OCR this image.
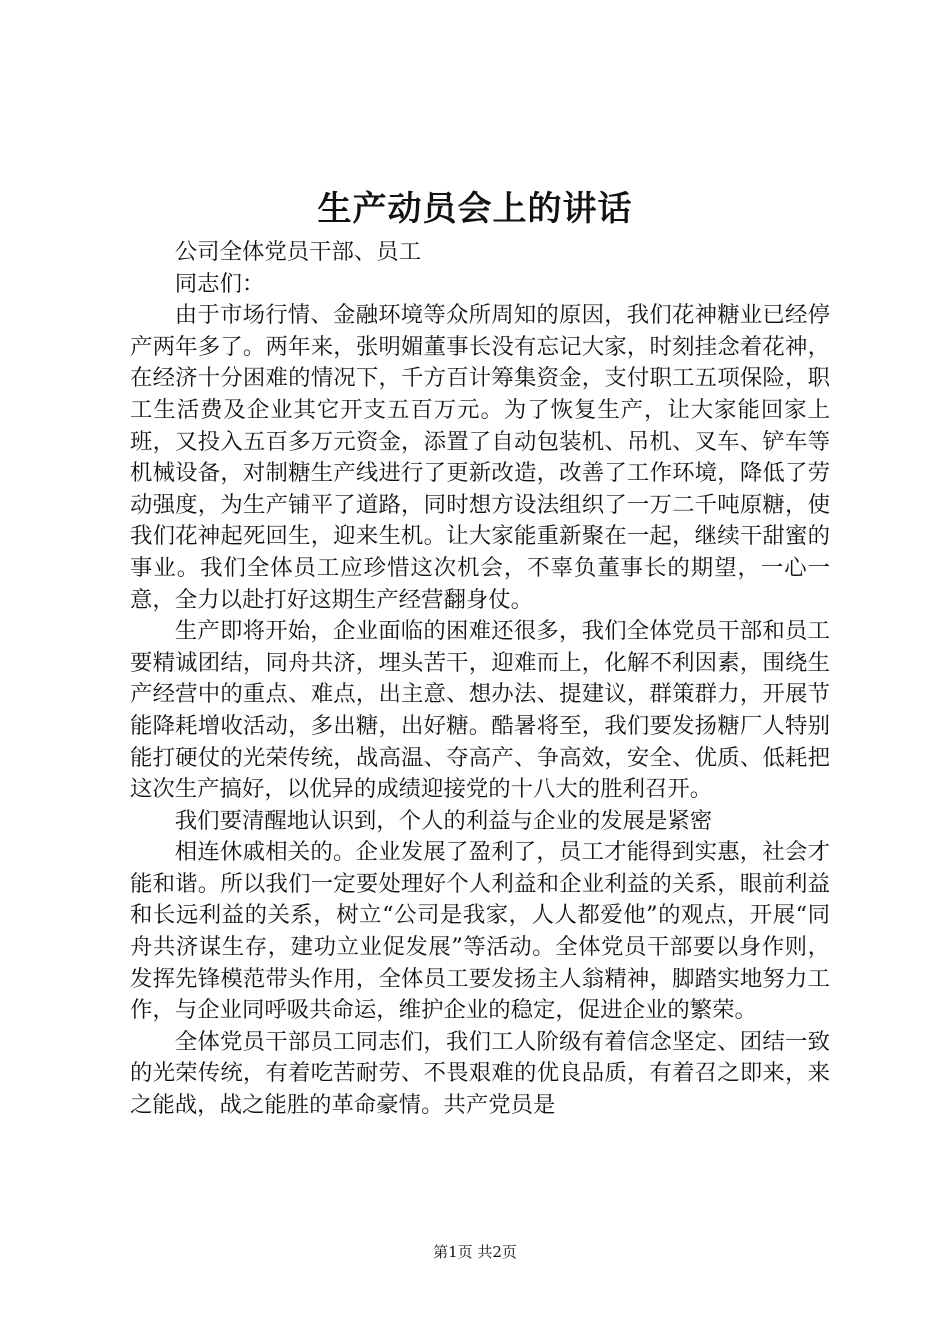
生产动员会上的讲话

公司全体党员干部、员工

同志们：

由于市场行情、金融环境等众所周知的原因，我们花神糖业已经停产两年多了。两年来，张明媚董事长没有忘记大家，时刻挂念着花神，在经济十分困难的情况下，千方百计筹集资金，支付职工五项保险，职工生活费及企业其它开支五百万元。为了恢复生产，让大家能回家上班，又投入五百多万元资金，添置了自动包装机、吊机、叉车、铲车等机械设备，对制糖生产线进行了更新改造，改善了工作环境，降低了劳动强度，为生产铺平了道路，同时想方设法组织了一万二千吨原糖，使我们花神起死回生，迎来生机。让大家能重新聚在一起，继续干甜蜜的事业。我们全体员工应珍惜这次机会，不辜负董事长的期望，一心一意，全力以赴打好这期生产经营翻身仗。

生产即将开始，企业面临的困难还很多，我们全体党员干部和员工要精诚团结，同舟共济，埋头苦干，迎难而上，化解不利因素，围绕生产经营中的重点、难点，出主意、想办法、提建议，群策群力，开展节能降耗增收活动，多出糖，出好糖。酷暑将至，我们要发扬糖厂人特别能打硬仗的光荣传统，战高温、夺高产、争高效，安全、优质、低耗把这次生产搞好，以优异的成绩迎接党的十八大的胜利召开。

我们要清醒地认识到，个人的利益与企业的发展是紧密

相连休戚相关的。企业发展了盈利了，员工才能得到实惠，社会才能和谐。所以我们一定要处理好个人利益和企业利益的关系，眼前利益和长远利益的关系，树立“公司是我家，人人都爱他”的观点，开展“同舟共济谋生存，建功立业促发展”等活动。全体党员干部要以身作则，发挥先锋模范带头作用，全体员工要发扬主人翁精神，脚踏实地努力工作，与企业同呼吸共命运，维护企业的稳定，促进企业的繁荣。

全体党员干部员工同志们，我们工人阶级有着信念坚定、团结一致的光荣传统，有着吃苦耐劳、不畏艰难的优良品质，有着召之即来，来之能战，战之能胜的革命豪情。共产党员是

第1页 共2页
